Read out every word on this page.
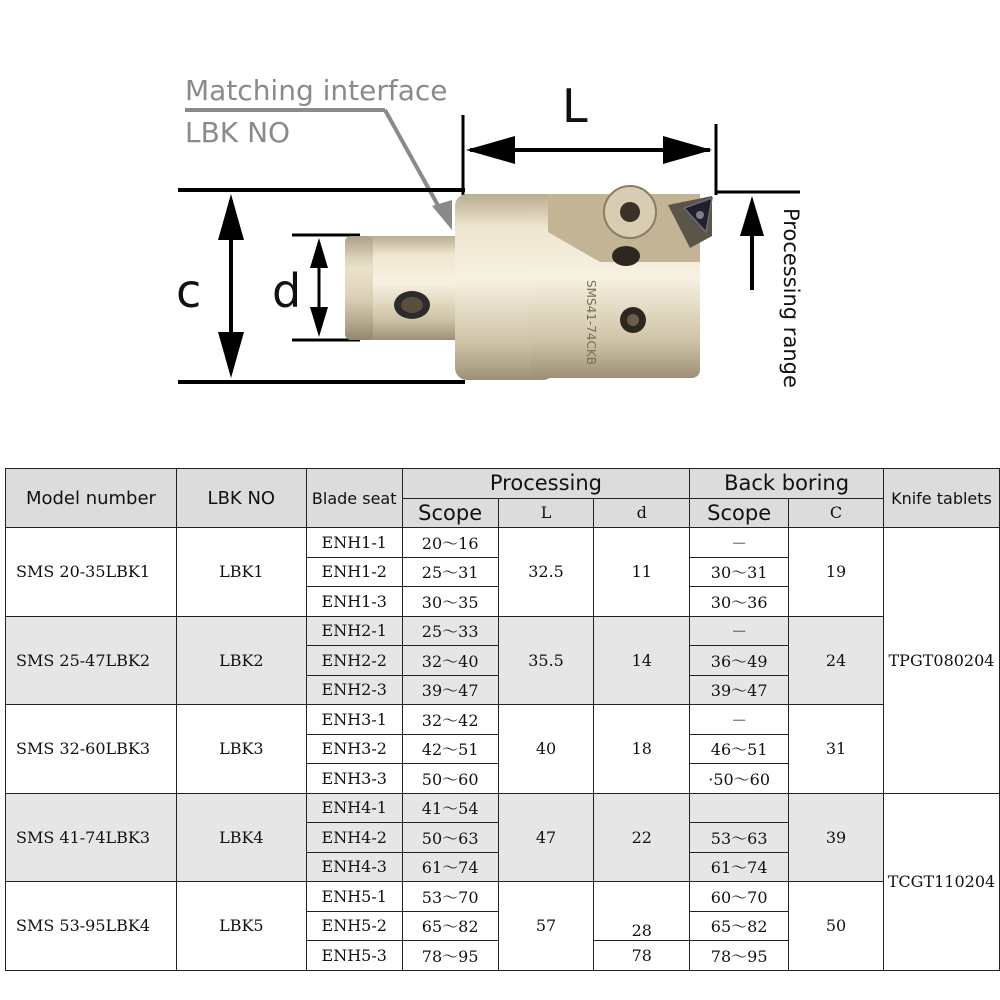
Matching interface
LBK NO	L
c d	Processing range
SMS41-74CKB
Model number	LBK NO	Blade seat	Processing			Back boring		Knife tablets
			Scope	L	d	Scope	C	
SMS 20-35LBK1	LBK1	ENH1-1	20～16	32.5	11	－	19	TPGT080204
		ENH1-2	25～31			30～31		
		ENH1-3	30～35			30～36		
SMS 25-47LBK2	LBK2	ENH2-1	25～33	35.5	14	－	24	
		ENH2-2	32～40			36～49		
		ENH2-3	39～47			39～47		
SMS 32-60LBK3	LBK3	ENH3-1	32～42	40	18	－	31	
		ENH3-2	42～51			46～51		
		ENH3-3	50～60			·50～60		
SMS 41-74LBK3	LBK4	ENH4-1	41～54	47	22		39	TCGT110204
		ENH4-2	50～63			53～63		
		ENH4-3	61～74			61～74		
SMS 53-95LBK4	LBK5	ENH5-1	53～70	57	28	60～70	50	
		ENH5-2	65～82			65～82		
		ENH5-3	78～95		78	78～95		
